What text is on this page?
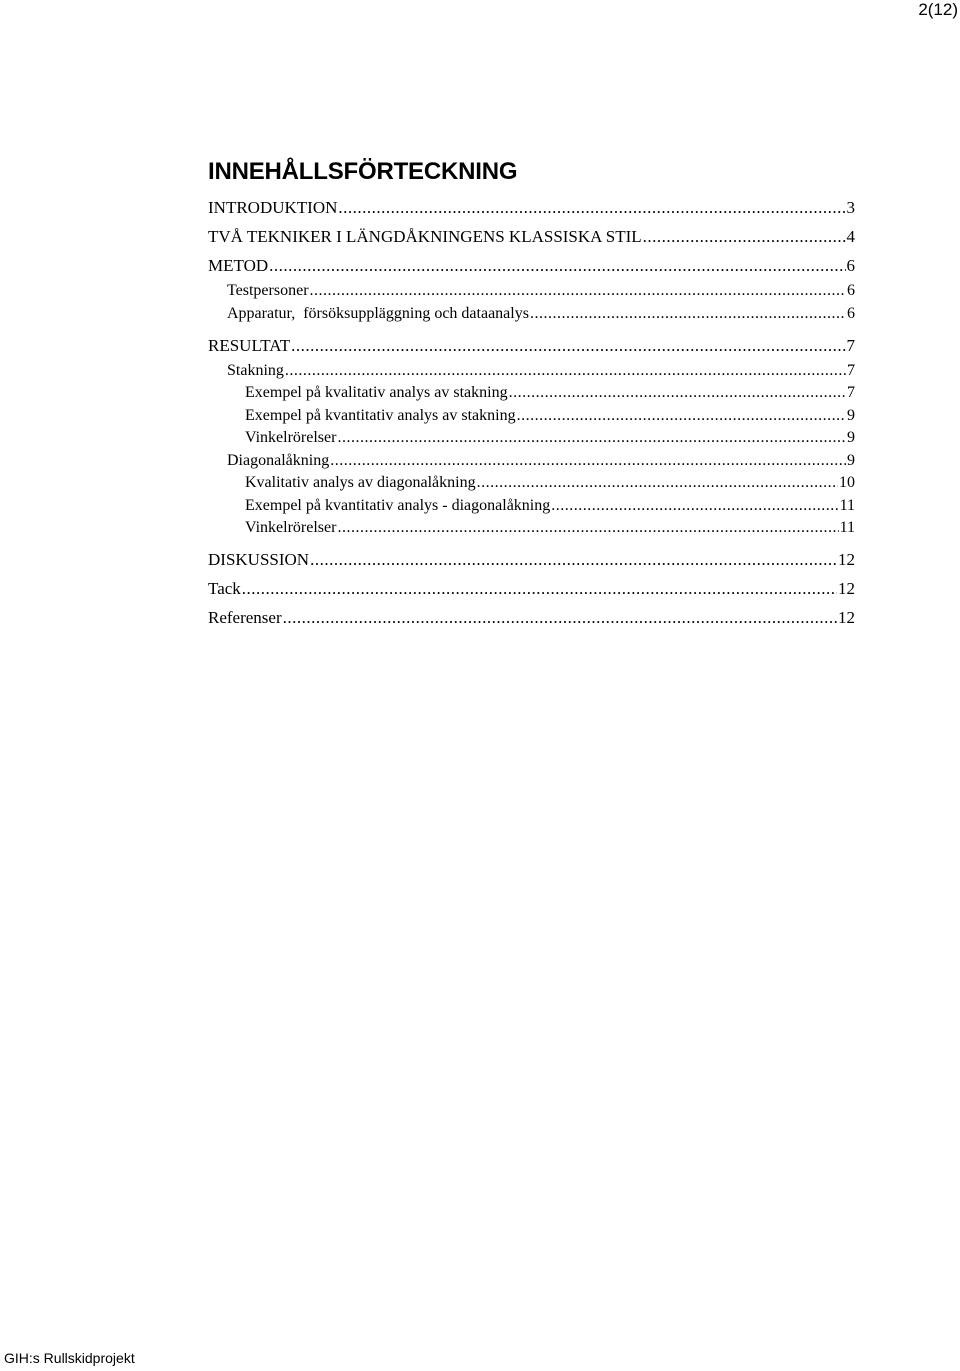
2(12)
INNEHÅLLSFÖRTECKNING
INTRODUKTION .....	3
TVÅ TEKNIKER I LÄNGDÅKNINGENS KLASSISKA STIL .....	4
METOD .....	6
Testpersoner .....	6
Apparatur,  försöksuppläggning och dataanalys .....	6
RESULTAT .....	7
Stakning .....	7
Exempel på kvalitativ analys av stakning .....	7
Exempel på kvantitativ analys av stakning .....	9
Vinkelrörelser .....	9
Diagonalåkning .....	9
Kvalitativ analys av diagonalåkning .....	10
Exempel på kvantitativ analys - diagonalåkning .....	11
Vinkelrörelser .....	11
DISKUSSION .....	12
Tack .....	12
Referenser .....	12
GIH:s Rullskidprojekt
